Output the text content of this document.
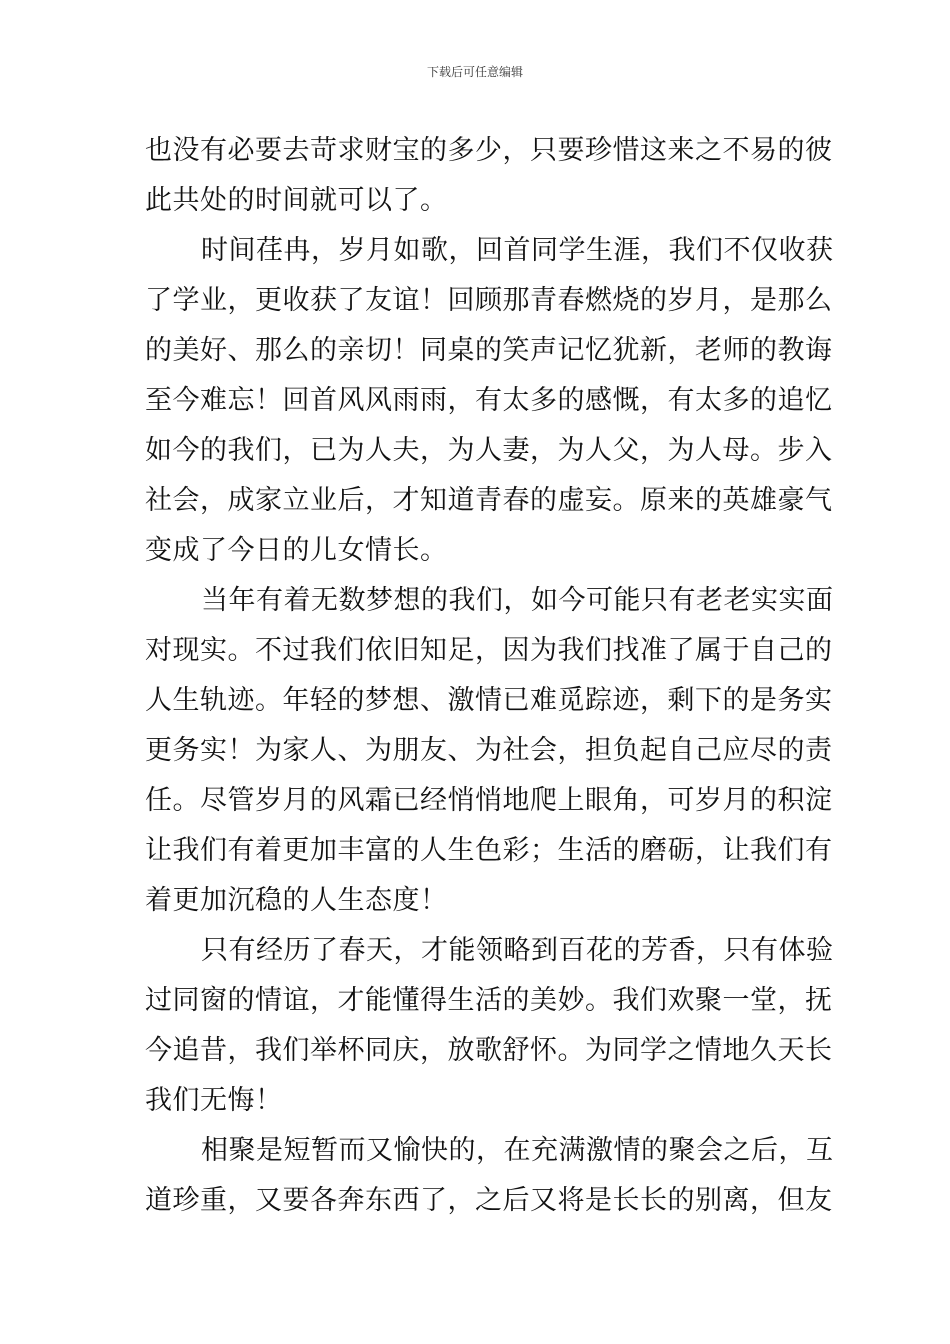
下载后可任意编辑
也没有必要去苛求财宝的多少，只要珍惜这来之不易的彼
此共处的时间就可以了。
时间荏冉，岁月如歌，回首同学生涯，我们不仅收获
了学业，更收获了友谊！回顾那青春燃烧的岁月，是那么
的美好、那么的亲切！同桌的笑声记忆犹新，老师的教诲
至今难忘！回首风风雨雨，有太多的感慨，有太多的追忆
如今的我们，已为人夫，为人妻，为人父，为人母。步入
社会，成家立业后，才知道青春的虚妄。原来的英雄豪气
变成了今日的儿女情长。
当年有着无数梦想的我们，如今可能只有老老实实面
对现实。不过我们依旧知足，因为我们找准了属于自己的
人生轨迹。年轻的梦想、激情已难觅踪迹，剩下的是务实
更务实！为家人、为朋友、为社会，担负起自己应尽的责
任。尽管岁月的风霜已经悄悄地爬上眼角，可岁月的积淀
让我们有着更加丰富的人生色彩；生活的磨砺，让我们有
着更加沉稳的人生态度！
只有经历了春天，才能领略到百花的芳香，只有体验
过同窗的情谊，才能懂得生活的美妙。我们欢聚一堂，抚
今追昔，我们举杯同庆，放歌舒怀。为同学之情地久天长
我们无悔！
相聚是短暂而又愉快的，在充满激情的聚会之后，互
道珍重，又要各奔东西了，之后又将是长长的别离，但友
